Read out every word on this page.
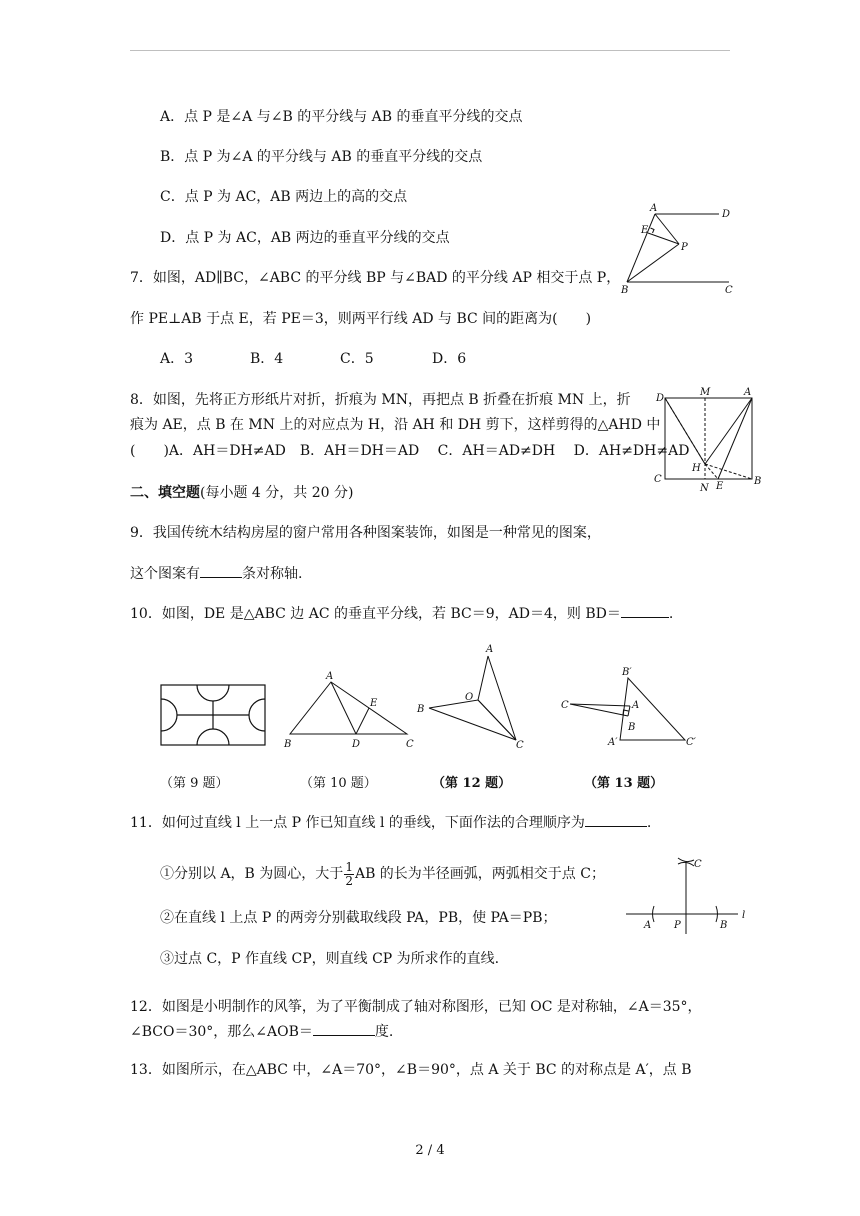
A．点 P 是∠A 与∠B 的平分线与 AB 的垂直平分线的交点
B．点 P 为∠A 的平分线与 AB 的垂直平分线的交点
C．点 P 为 AC，AB 两边上的高的交点
D．点 P 为 AC，AB 两边的垂直平分线的交点
7．如图，AD∥BC，∠ABC 的平分线 BP 与∠BAD 的平分线 AP 相交于点 P，
作 PE⊥AB 于点 E，若 PE＝3，则两平行线 AD 与 BC 间的距离为(　　)
A．3	B．4	C．5	D．6
A
D
E
P
B	C
8．如图，先将正方形纸片对折，折痕为 MN，再把点 B 折叠在折痕 MN 上，折
痕为 AE，点 B 在 MN 上的对应点为 H，沿 AH 和 DH 剪下，这样剪得的△AHD 中
(　　)A．AH＝DH≠AD　B．AH＝DH＝AD　 C．AH＝AD≠DH　 D．AH≠DH≠AD
D
M	A
H
C
N E	B
二、填空题(每小题 4 分，共 20 分)
9．我国传统木结构房屋的窗户常用各种图案装饰，如图是一种常见的图案，
这个图案有	条对称轴.
10．如图，DE 是△ABC 边 AC 的垂直平分线，若 BC＝9，AD＝4，则 BD＝	.
A
E
B	D	C
A
O
B
C
B′
C	A
B
A′	C′
（第 9 题）	（第 10 题）	（第 12 题）	（第 13 题）
11．如何过直线 l 上一点 P 作已知直线 l 的垂线，下面作法的合理顺序为	.
①分别以 A，B 为圆心，大于 $\frac{1}{2}$ AB 的长为半径画弧，两弧相交于点 C；
②在直线 l 上点 P 的两旁分别截取线段 PA，PB，使 PA＝PB；
③过点 C，P 作直线 CP，则直线 CP 为所求作的直线.
C
l
A P	B
12．如图是小明制作的风筝，为了平衡制成了轴对称图形，已知 OC 是对称轴，∠A＝35°，
∠BCO＝30°，那么∠AOB＝	度.
13．如图所示，在△ABC 中，∠A＝70°，∠B＝90°，点 A 关于 BC 的对称点是 A′，点 B
2 / 4
